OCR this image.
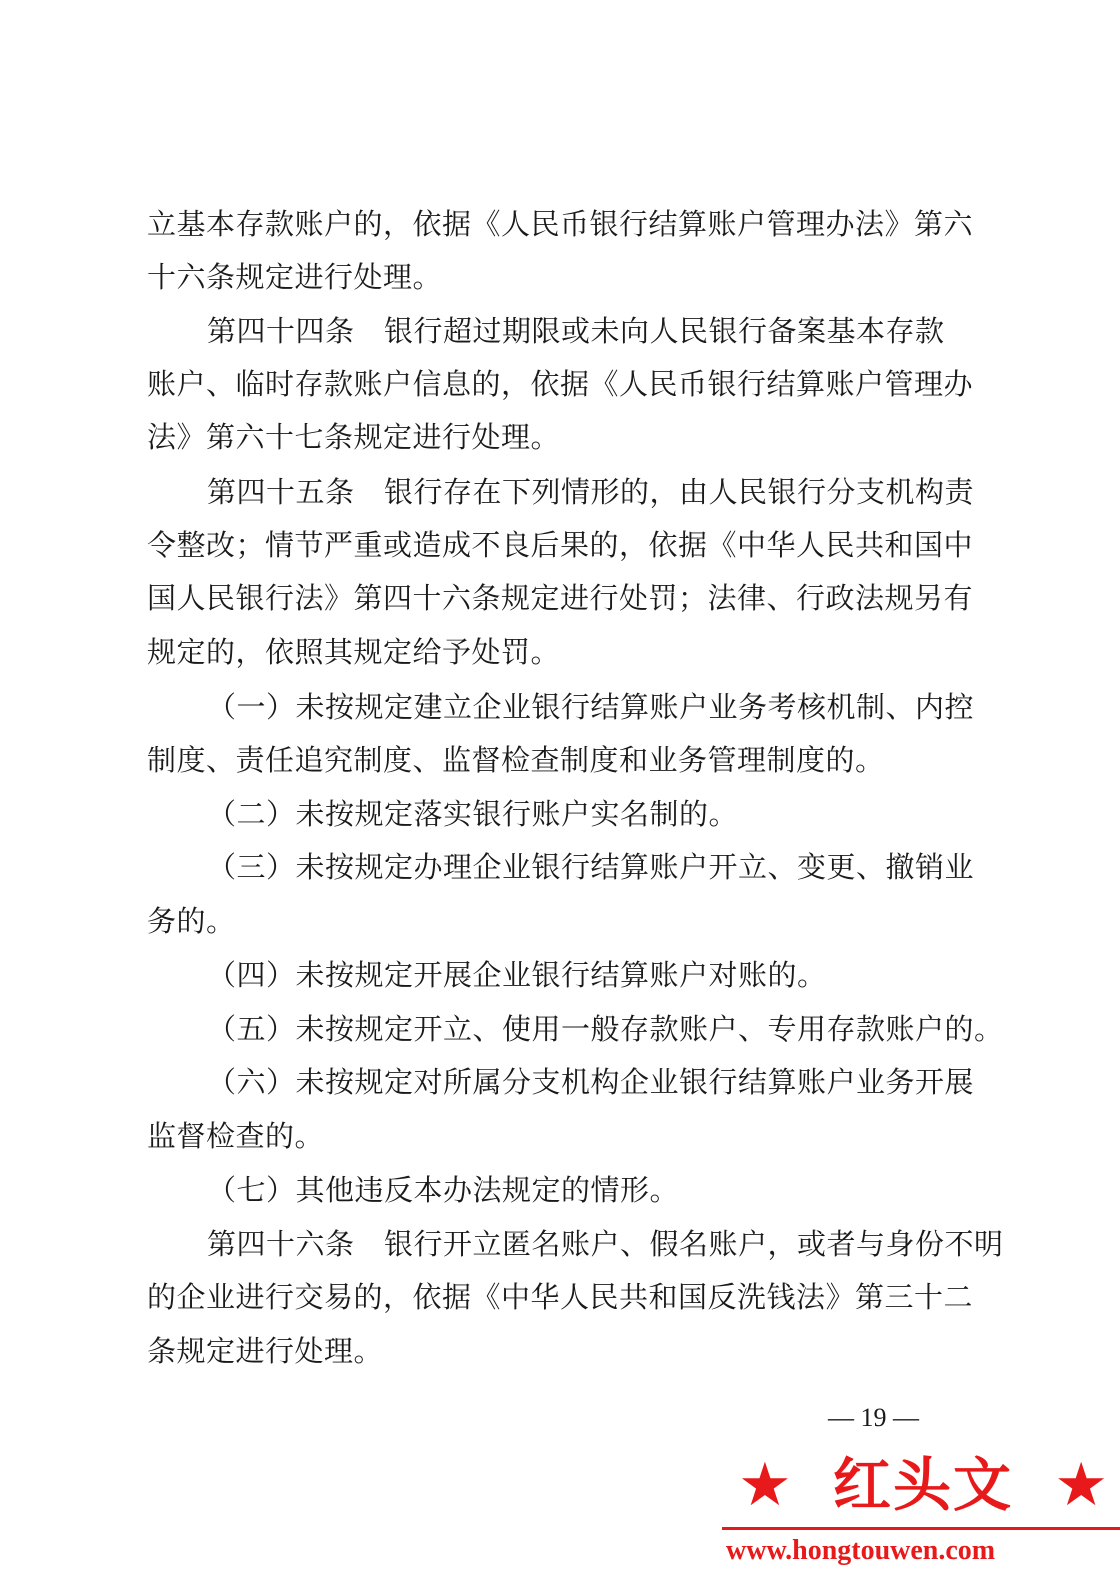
立基本存款账户的，依据《人民币银行结算账户管理办法》第六
十六条规定进行处理。
第四十四条　银行超过期限或未向人民银行备案基本存款
账户、临时存款账户信息的，依据《人民币银行结算账户管理办
法》第六十七条规定进行处理。
第四十五条　银行存在下列情形的，由人民银行分支机构责
令整改；情节严重或造成不良后果的，依据《中华人民共和国中
国人民银行法》第四十六条规定进行处罚；法律、行政法规另有
规定的，依照其规定给予处罚。
（一）未按规定建立企业银行结算账户业务考核机制、内控
制度、责任追究制度、监督检查制度和业务管理制度的。
（二）未按规定落实银行账户实名制的。
（三）未按规定办理企业银行结算账户开立、变更、撤销业
务的。
（四）未按规定开展企业银行结算账户对账的。
（五）未按规定开立、使用一般存款账户、专用存款账户的。
（六）未按规定对所属分支机构企业银行结算账户业务开展
监督检查的。
（七）其他违反本办法规定的情形。
第四十六条　银行开立匿名账户、假名账户，或者与身份不明
的企业进行交易的，依据《中华人民共和国反洗钱法》第三十二
条规定进行处理。
— 19 —
★ 红头文 ★
www.hongtouwen.com
